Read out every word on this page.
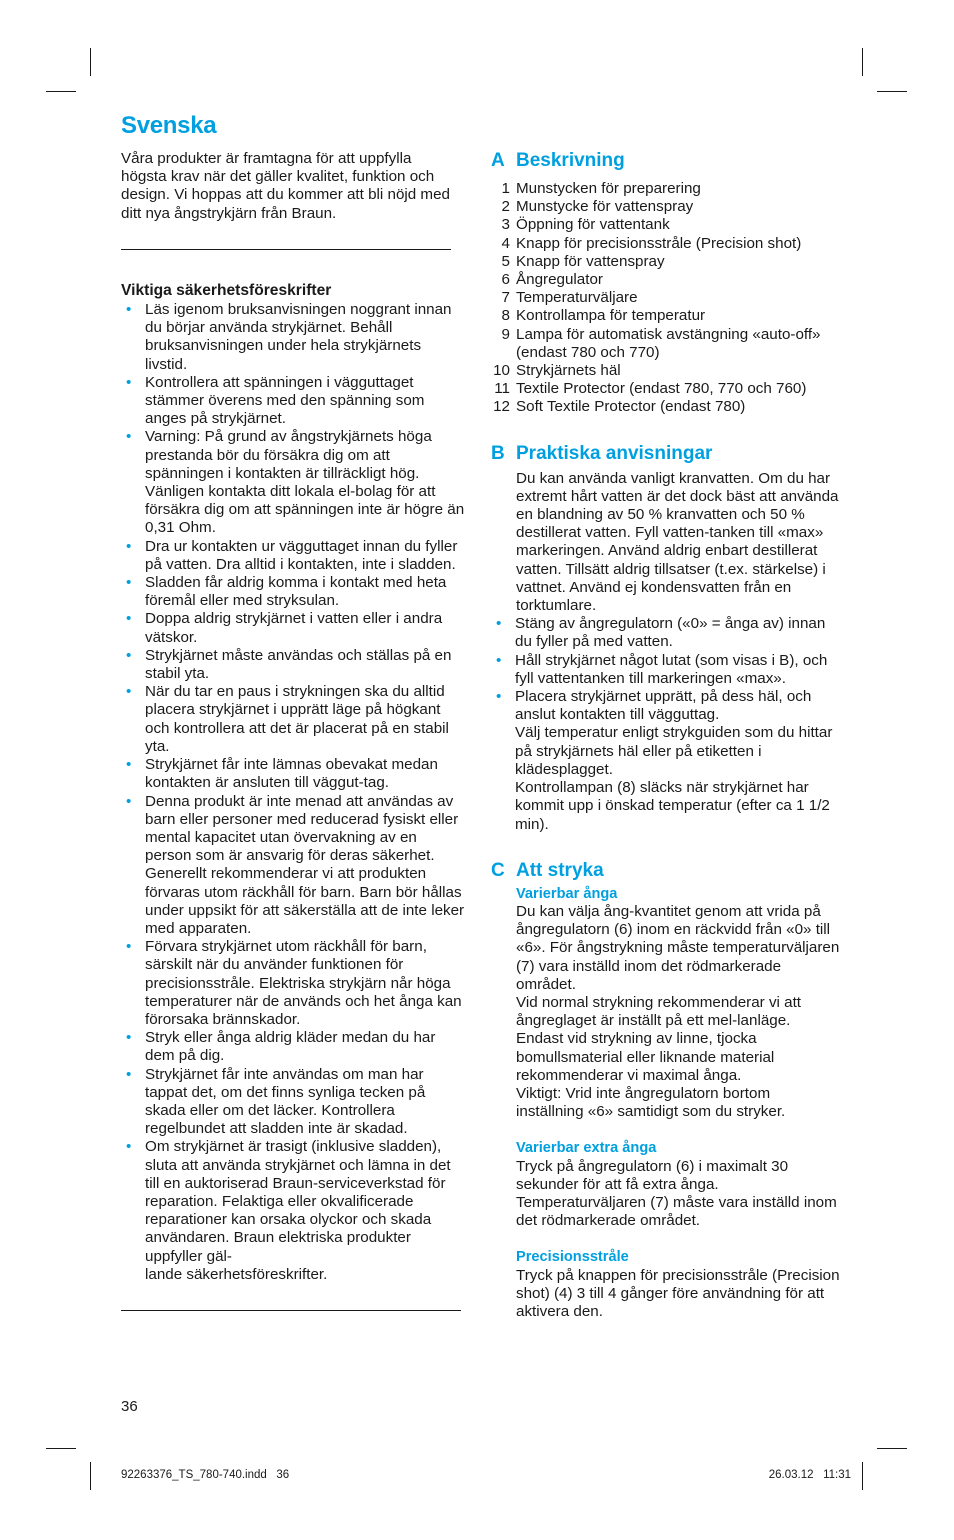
Svenska

Våra produkter är framtagna för att uppfylla högsta krav när det gäller kvalitet, funktion och design. Vi hoppas att du kommer att bli nöjd med ditt nya ångstrykjärn från Braun.

Viktiga säkerhetsföreskrifter

• Läs igenom bruksanvisningen noggrant innan du börjar använda strykjärnet. Behåll bruksanvisningen under hela strykjärnets livstid.
• Kontrollera att spänningen i vägguttaget stämmer överens med den spänning som anges på strykjärnet.
• Varning: På grund av ångstrykjärnets höga prestanda bör du försäkra dig om att spänningen i kontakten är tillräckligt hög. Vänligen kontakta ditt lokala el-bolag för att försäkra dig om att spänningen inte är högre än 0,31 Ohm.
• Dra ur kontakten ur vägguttaget innan du fyller på vatten. Dra alltid i kontakten, inte i sladden.
• Sladden får aldrig komma i kontakt med heta föremål eller med stryksulan.
• Doppa aldrig strykjärnet i vatten eller i andra vätskor.
• Strykjärnet måste användas och ställas på en stabil yta.
• När du tar en paus i strykningen ska du alltid placera strykjärnet i upprätt läge på högkant och kontrollera att det är placerat på en stabil yta.
• Strykjärnet får inte lämnas obevakat medan kontakten är ansluten till väggut-tag.
• Denna produkt är inte menad att användas av barn eller personer med reducerad fysiskt eller mental kapacitet utan övervakning av en person som är ansvarig för deras säkerhet. Generellt rekommenderar vi att produkten förvaras utom räckhåll för barn. Barn bör hållas under uppsikt för att säkerställa att de inte leker med apparaten.
• Förvara strykjärnet utom räckhåll för barn, särskilt när du använder funktionen för precisionsstråle. Elektriska strykjärn når höga temperaturer när de används och het ånga kan förorsaka brännskador.
• Stryk eller ånga aldrig kläder medan du har dem på dig.
• Strykjärnet får inte användas om man har tappat det, om det finns synliga tecken på skada eller om det läcker. Kontrollera regelbundet att sladden inte är skadad.
• Om strykjärnet är trasigt (inklusive sladden), sluta att använda strykjärnet och lämna in det till en auktoriserad Braun-serviceverkstad för reparation. Felaktiga eller okvalificerade reparationer kan orsaka olyckor och skada användaren. Braun elektriska produkter uppfyller gäl-
lande säkerhetsföreskrifter.
A Beskrivning
1 Munstycken för preparering
2 Munstycke för vattenspray
3 Öppning för vattentank
4 Knapp för precisionsstråle (Precision shot)
5 Knapp för vattenspray
6 Ångregulator
7 Temperaturväljare
8 Kontrollampa för temperatur
9 Lampa för automatisk avstängning «auto-off» (endast 780 och 770)
10 Strykjärnets häl
11 Textile Protector (endast 780, 770 och 760)
12 Soft Textile Protector (endast 780)
B Praktiska anvisningar

Du kan använda vanligt kranvatten. Om du har extremt hårt vatten är det dock bäst att använda en blandning av 50 % kranvatten och 50 % destillerat vatten. Fyll vatten-tanken till «max» markeringen. Använd aldrig enbart destillerat vatten. Tillsätt aldrig tillsatser (t.ex. stärkelse) i vattnet. Använd ej kondensvatten från en torktumlare.

• Stäng av ångregulatorn («0» = ånga av) innan du fyller på med vatten.
• Håll strykjärnet något lutat (som visas i B), och fyll vattentanken till markeringen «max».
• Placera strykjärnet upprätt, på dess häl, och anslut kontakten till vägguttag.
Välj temperatur enligt strykguiden som du hittar på strykjärnets häl eller på etiketten i klädesplagget.
Kontrollampan (8) släcks när strykjärnet har kommit upp i önskad temperatur (efter ca 1 1/2 min).
C Att stryka

Varierbar ånga

Du kan välja ång-kvantitet genom att vrida på ångregulatorn (6) inom en räckvidd från «0» till «6». För ångstrykning måste temperaturväljaren (7) vara inställd inom det rödmarkerade området.
Vid normal strykning rekommenderar vi att ångreglaget är inställt på ett mel-lanläge. Endast vid strykning av linne, tjocka bomullsmaterial eller liknande material rekommenderar vi maximal ånga.
Viktigt: Vrid inte ångregulatorn bortom inställning «6» samtidigt som du stryker.

Varierbar extra ånga

Tryck på ångregulatorn (6) i maximalt 30 sekunder för att få extra ånga. Temperaturväljaren (7) måste vara inställd inom det rödmarkerade området.

Precisionsstråle

Tryck på knappen för precisionsstråle (Precision shot) (4) 3 till 4 gånger före användning för att aktivera den.

36
92263376_TS_780-740.indd   36	26.03.12   11:31
